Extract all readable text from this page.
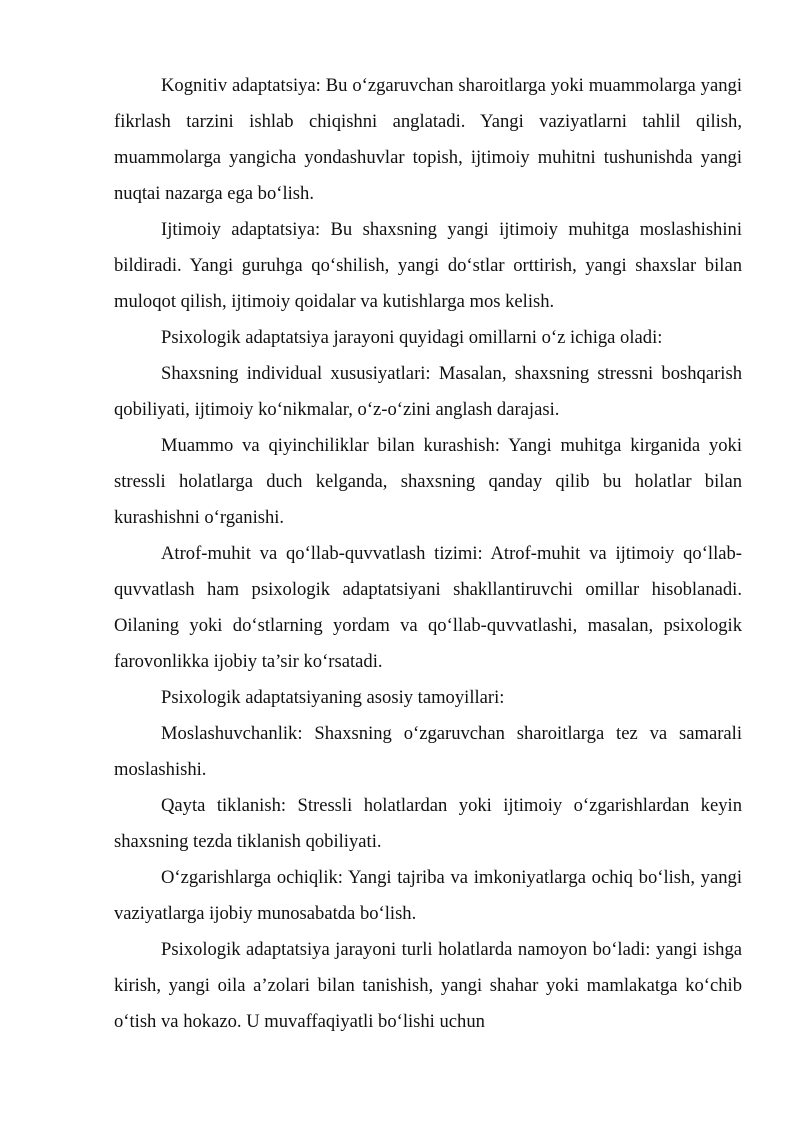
Kognitiv adaptatsiya: Bu o‘zgaruvchan sharoitlarga yoki muammolarga yangi fikrlash tarzini ishlab chiqishni anglatadi. Yangi vaziyatlarni tahlil qilish, muammolarga yangicha yondashuvlar topish, ijtimoiy muhitni tushunishda yangi nuqtai nazarga ega bo‘lish.

Ijtimoiy adaptatsiya: Bu shaxsning yangi ijtimoiy muhitga moslashishini bildiradi. Yangi guruhga qo‘shilish, yangi do‘stlar orttirish, yangi shaxslar bilan muloqot qilish, ijtimoiy qoidalar va kutishlarga mos kelish.

Psixologik adaptatsiya jarayoni quyidagi omillarni o‘z ichiga oladi:

Shaxsning individual xususiyatlari: Masalan, shaxsning stressni boshqarish qobiliyati, ijtimoiy ko‘nikmalar, o‘z-o‘zini anglash darajasi.

Muammo va qiyinchiliklar bilan kurashish: Yangi muhitga kirganida yoki stressli holatlarga duch kelganda, shaxsning qanday qilib bu holatlar bilan kurashishni o‘rganishi.

Atrof-muhit va qo‘llab-quvvatlash tizimi: Atrof-muhit va ijtimoiy qo‘llab-quvvatlash ham psixologik adaptatsiyani shakllantiruvchi omillar hisoblanadi. Oilaning yoki do‘stlarning yordam va qo‘llab-quvvatlashi, masalan, psixologik farovonlikka ijobiy ta’sir ko‘rsatadi.

Psixologik adaptatsiyaning asosiy tamoyillari:

Moslashuvchanlik: Shaxsning o‘zgaruvchan sharoitlarga tez va samarali moslashishi.

Qayta tiklanish: Stressli holatlardan yoki ijtimoiy o‘zgarishlardan keyin shaxsning tezda tiklanish qobiliyati.

O‘zgarishlarga ochiqlik: Yangi tajriba va imkoniyatlarga ochiq bo‘lish, yangi vaziyatlarga ijobiy munosabatda bo‘lish.

Psixologik adaptatsiya jarayoni turli holatlarda namoyon bo‘ladi: yangi ishga kirish, yangi oila a’zolari bilan tanishish, yangi shahar yoki mamlakatga ko‘chib o‘tish va hokazo. U muvaffaqiyatli bo‘lishi uchun
